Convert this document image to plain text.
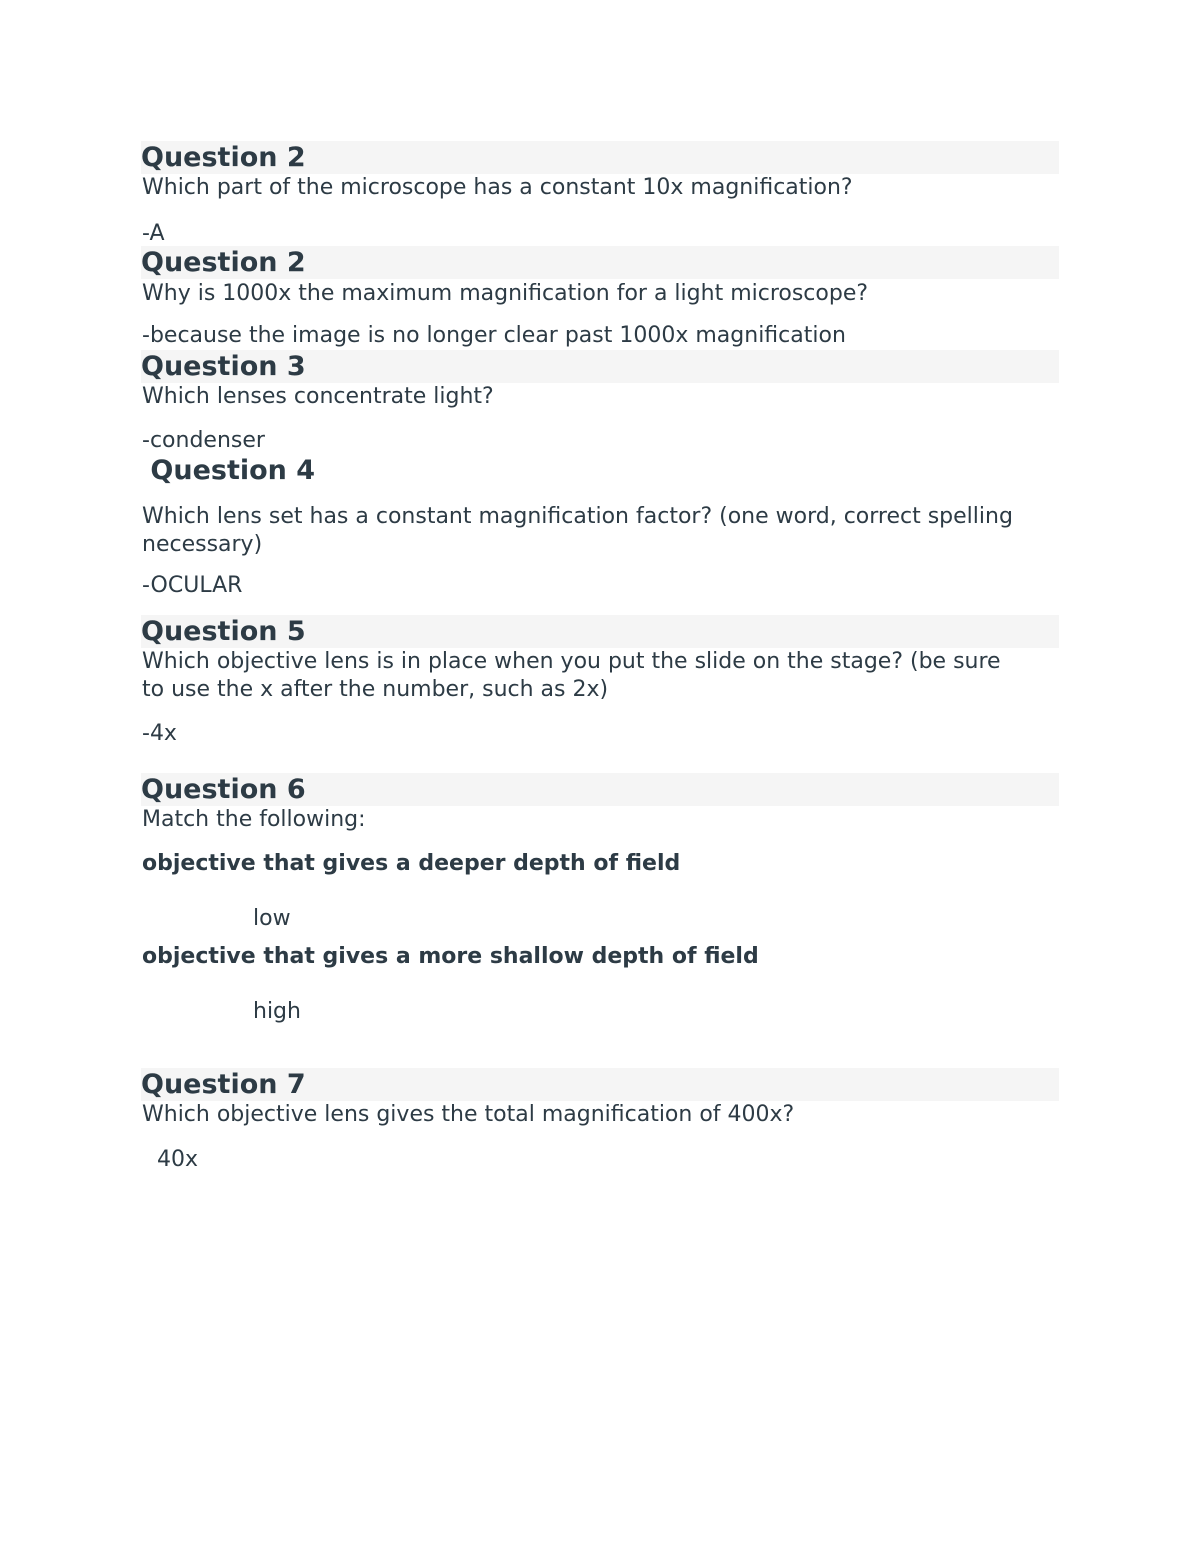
Question 2

Which part of the microscope has a constant 10x magnification?

-A

Question 2

Why is 1000x the maximum magnification for a light microscope?

-because the image is no longer clear past 1000x magnification

Question 3

Which lenses concentrate light?

-condenser

Question 4

Which lens set has a constant magnification factor? (one word, correct spelling necessary)

-OCULAR

Question 5

Which objective lens is in place when you put the slide on the stage? (be sure to use the x after the number, such as 2x)

-4x

Question 6

Match the following:

objective that gives a deeper depth of field

low

objective that gives a more shallow depth of field

high

Question 7

Which objective lens gives the total magnification of 400x?

40x
